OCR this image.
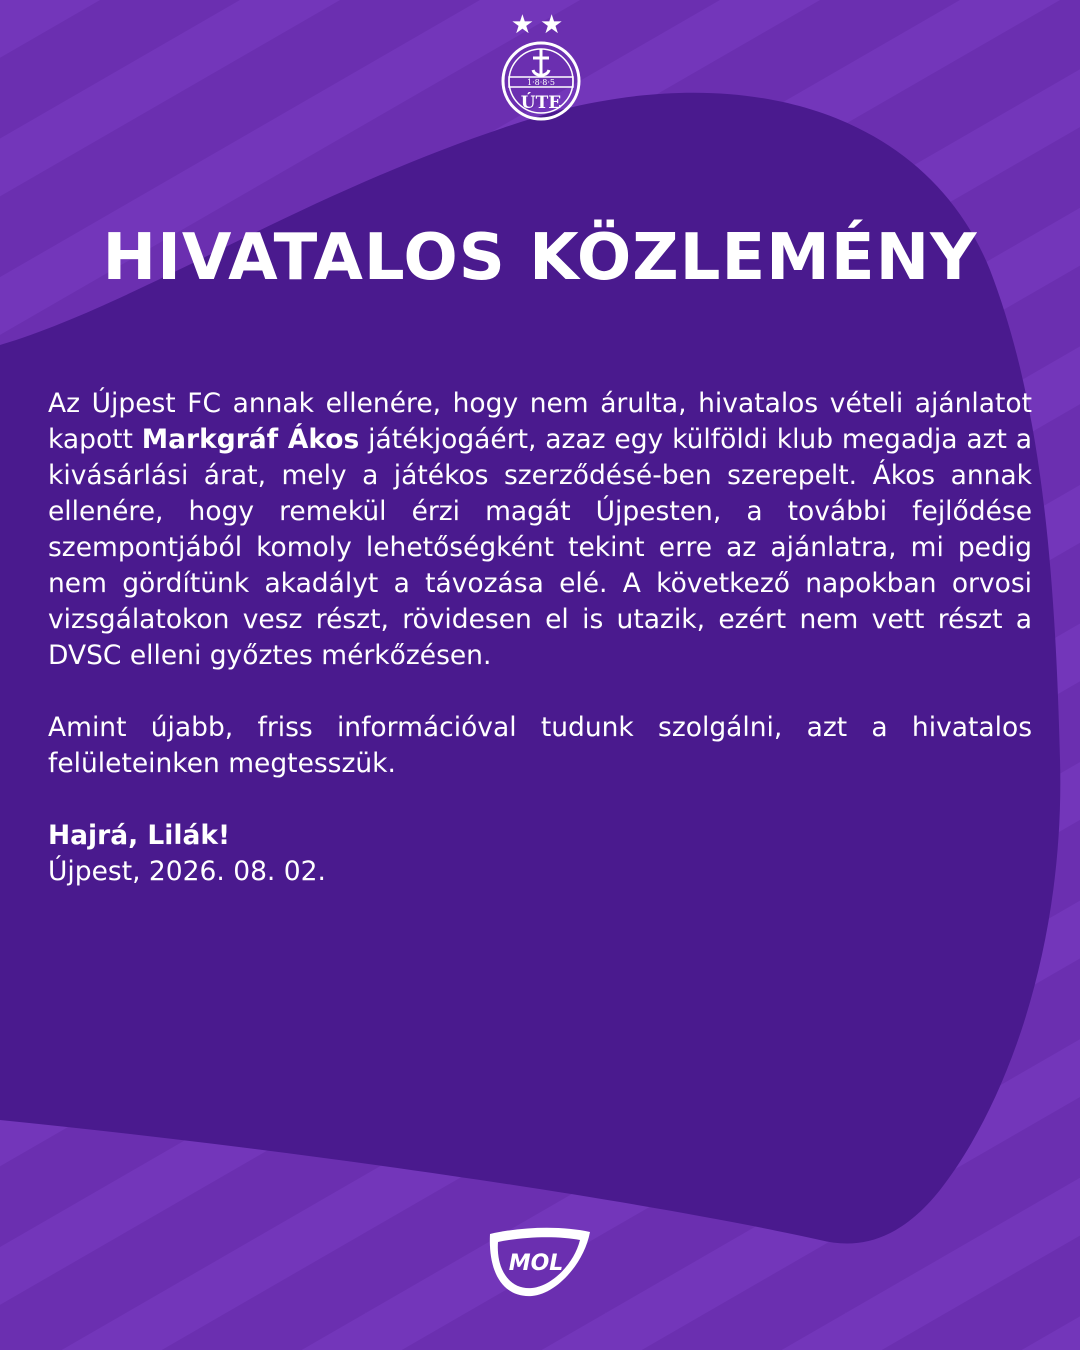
★★
1·8·8·5
ÚTE
HIVATALOS KÖZLEMÉNY

Az Újpest FC annak ellenére, hogy nem árulta, hivatalos vételi ajánlatot kapott Markgráf Ákos játékjogáért, azaz egy külföldi klub megadja azt a kivásárlási árat, mely a játékos szerződésé-ben szerepelt. Ákos annak ellenére, hogy remekül érzi magát Újpesten, a további fejlődése szempontjából komoly lehetőségként tekint erre az ajánlatra, mi pedig nem gördítünk akadályt a távozása elé. A következő napokban orvosi vizsgálatokon vesz részt, rövidesen el is utazik, ezért nem vett részt a DVSC elleni győztes mérkőzésen.

Amint újabb, friss információval tudunk szolgálni, azt a hivatalos felületeinken megtesszük.

Hajrá, Lilák!

Újpest, 2026. 08. 02.

MOL
